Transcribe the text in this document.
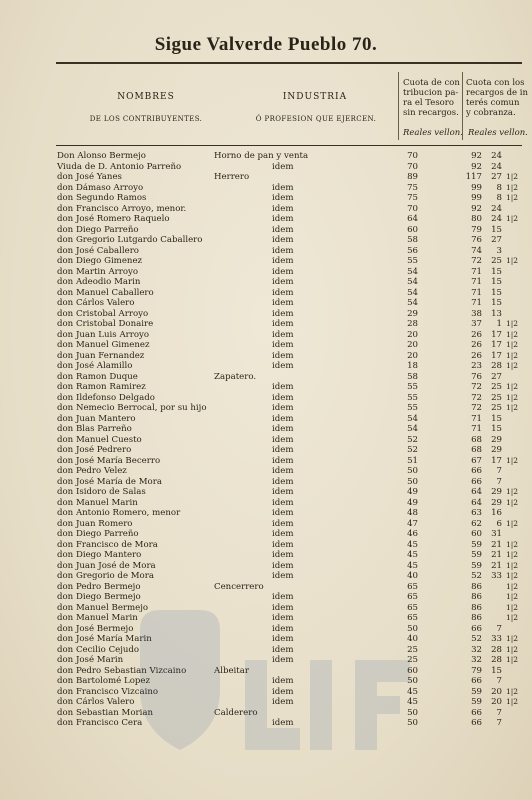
Sigue Valverde Pueblo 70.
NOMBRES
DE LOS CONTRIBUYENTES.
INDUSTRIA
Ó PROFESION QUE EJERCEN.
Cuota de con
tribucion pa-
ra el Tesoro
sin recargos.
Cuota con los
recargos de in
terés comun
y cobranza.
Reales vellon. Reales vellon.
Don Alonso Bermejo	Horno de pan y venta	70	92	24
Viuda de D. Antonio Parreño	idem	70	92	24
don José Yanes	Herrero	89	117	27 1|2
don Dámaso Arroyo	idem	75	99	8 1|2
don Segundo Ramos	idem	75	99	8 1|2
don Francisco Arroyo, menor.	idem	70	92	24
don José Romero Raquelo	idem	64	80	24 1|2
don Diego Parreño	idem	60	79	15
don Gregorio Lutgardo Caballero	idem	58	76	27
don José Caballero	idem	56	74	3
don Diego Gimenez	idem	55	72	25 1|2
don Martin Arroyo	idem	54	71	15
don Adeodio Marin	idem	54	71	15
don Manuel Caballero	idem	54	71	15
don Cárlos Valero	idem	54	71	15
don Cristobal Arroyo	idem	29	38	13
don Cristobal Donaire	idem	28	37	1 1|2
don Juan Luis Arroyo	idem	20	26	17 1|2
don Manuel Gimenez	idem	20	26	17 1|2
don Juan Fernandez	idem	20	26	17 1|2
don José Alamillo	idem	18	23	28 1|2
don Ramon Duque	Zapatero.	58	76	27
don Ramon Ramirez	idem	55	72	25 1|2
don Ildefonso Delgado	idem	55	72	25 1|2
don Nemecio Berrocal, por su hijo	idem	55	72	25 1|2
don Juan Mantero	idem	54	71	15
don Blas Parreño	idem	54	71	15
don Manuel Cuesto	idem	52	68	29
don José Pedrero	idem	52	68	29
don José María Becerro	idem	51	67	17 1|2
don Pedro Velez	idem	50	66	7
don José María de Mora	idem	50	66	7
don Isidoro de Salas	idem	49	64	29 1|2
don Manuel Marin	idem	49	64	29 1|2
don Antonio Romero, menor	idem	48	63	16
don Juan Romero	idem	47	62	6 1|2
don Diego Parreño	idem	46	60	31
don Francisco de Mora	idem	45	59	21 1|2
don Diego Mantero	idem	45	59	21 1|2
don Juan José de Mora	idem	45	59	21 1|2
don Gregorio de Mora	idem	40	52	33 1|2
don Pedro Bermejo	Cencerrero	65	86	1|2
don Diego Bermejo	idem	65	86	1|2
don Manuel Bermejo	idem	65	86	1|2
don Manuel Marin	idem	65	86	1|2
don José Bermejo	idem	50	66	7
don José María Marin	idem	40	52	33 1|2
don Cecilio Cejudo	idem	25	32	28 1|2
don José Marin	idem	25	32	28 1|2
don Pedro Sebastian Vizcaino	Albeitar	60	79	15
don Bartolomé Lopez	idem	50	66	7
don Francisco Vizcaino	idem	45	59	20 1|2
don Cárlos Valero	idem	45	59	20 1|2
don Sebastian Morian	Calderero	50	66	7
don Francisco Cera	idem	50	66	7
